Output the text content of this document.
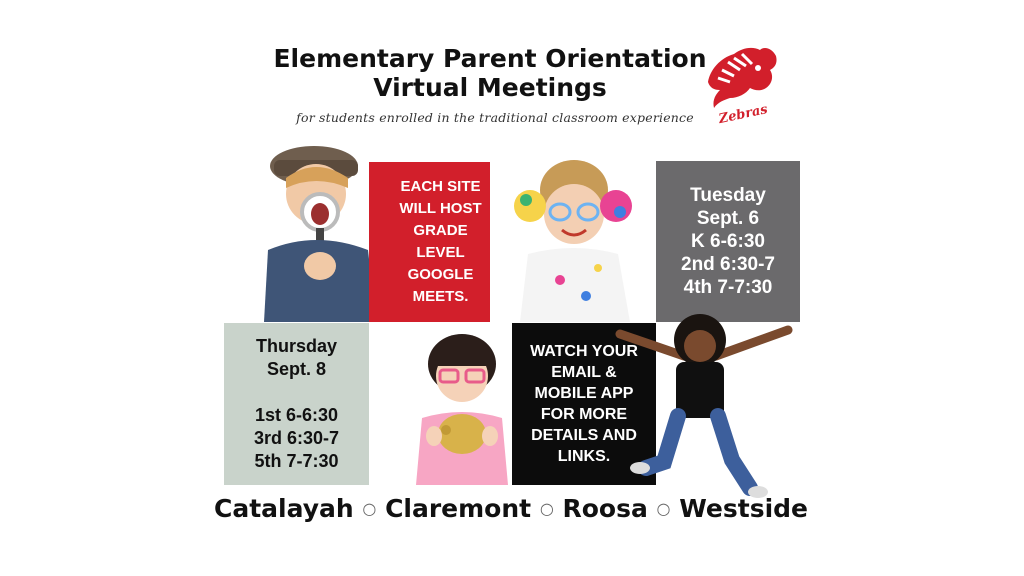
Elementary Parent Orientation
Virtual Meetings
for students enrolled in the traditional classroom experience	Zebras
EACH SITE
WILL HOST
GRADE
LEVEL
GOOGLE
MEETS.
Tuesday
Sept. 6
K 6-6:30
2nd 6:30-7
4th 7-7:30
Thursday
Sept. 8

1st 6-6:30
3rd 6:30-7
5th 7-7:30
WATCH YOUR
EMAIL &
MOBILE APP
FOR MORE
DETAILS AND
LINKS.
Catalayah ○ Claremont ○ Roosa ○ Westside
